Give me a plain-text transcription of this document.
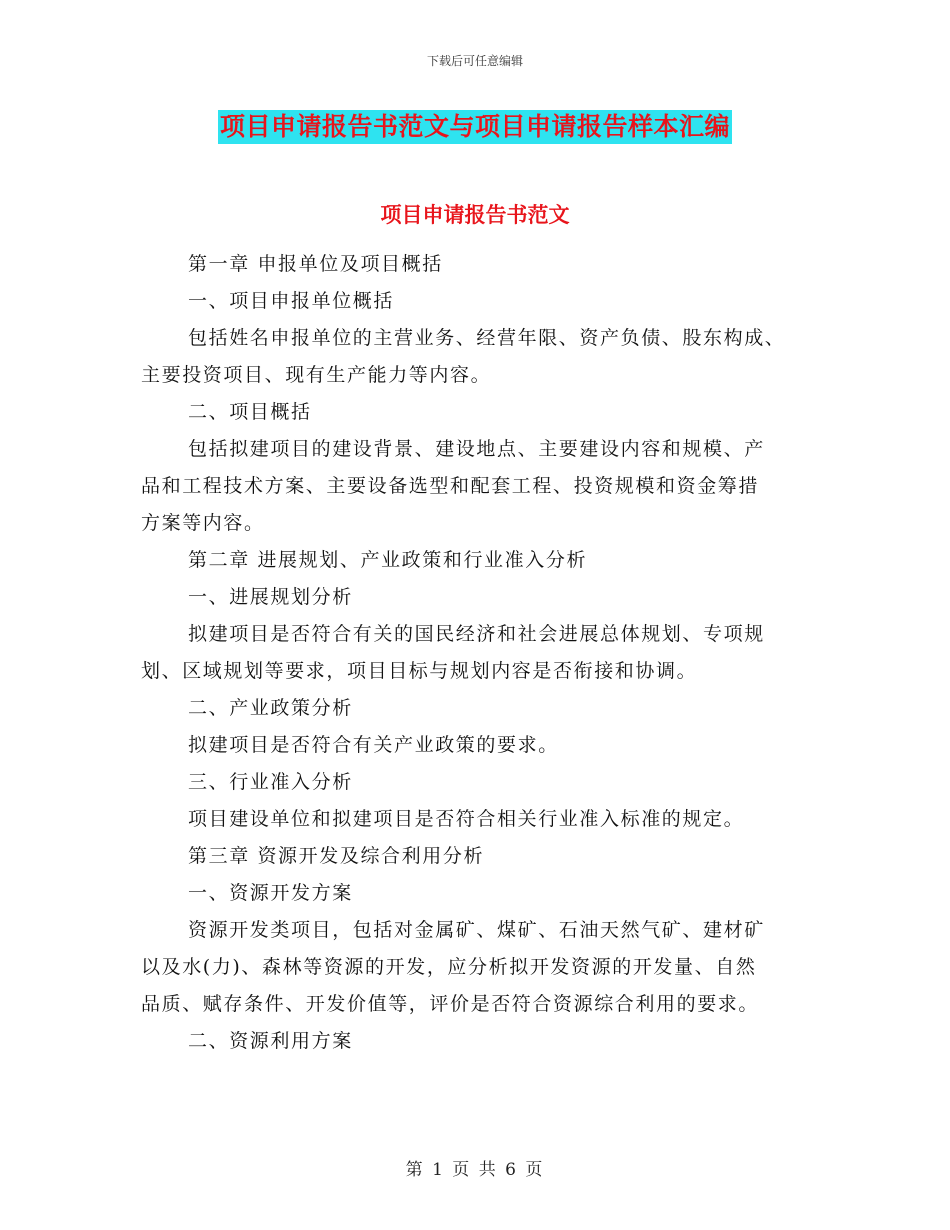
下载后可任意编辑
项目申请报告书范文与项目申请报告样本汇编
项目申请报告书范文
第一章 申报单位及项目概括
一、项目申报单位概括
包括姓名申报单位的主营业务、经营年限、资产负债、股东构成、
主要投资项目、现有生产能力等内容。
二、项目概括
包括拟建项目的建设背景、建设地点、主要建设内容和规模、产
品和工程技术方案、主要设备选型和配套工程、投资规模和资金筹措
方案等内容。
第二章 进展规划、产业政策和行业准入分析
一、进展规划分析
拟建项目是否符合有关的国民经济和社会进展总体规划、专项规
划、区域规划等要求，项目目标与规划内容是否衔接和协调。
二、产业政策分析
拟建项目是否符合有关产业政策的要求。
三、行业准入分析
项目建设单位和拟建项目是否符合相关行业准入标准的规定。
第三章 资源开发及综合利用分析
一、资源开发方案
资源开发类项目，包括对金属矿、煤矿、石油天然气矿、建材矿
以及水(力)、森林等资源的开发，应分析拟开发资源的开发量、自然
品质、赋存条件、开发价值等，评价是否符合资源综合利用的要求。
二、资源利用方案
第 1 页 共 6 页
